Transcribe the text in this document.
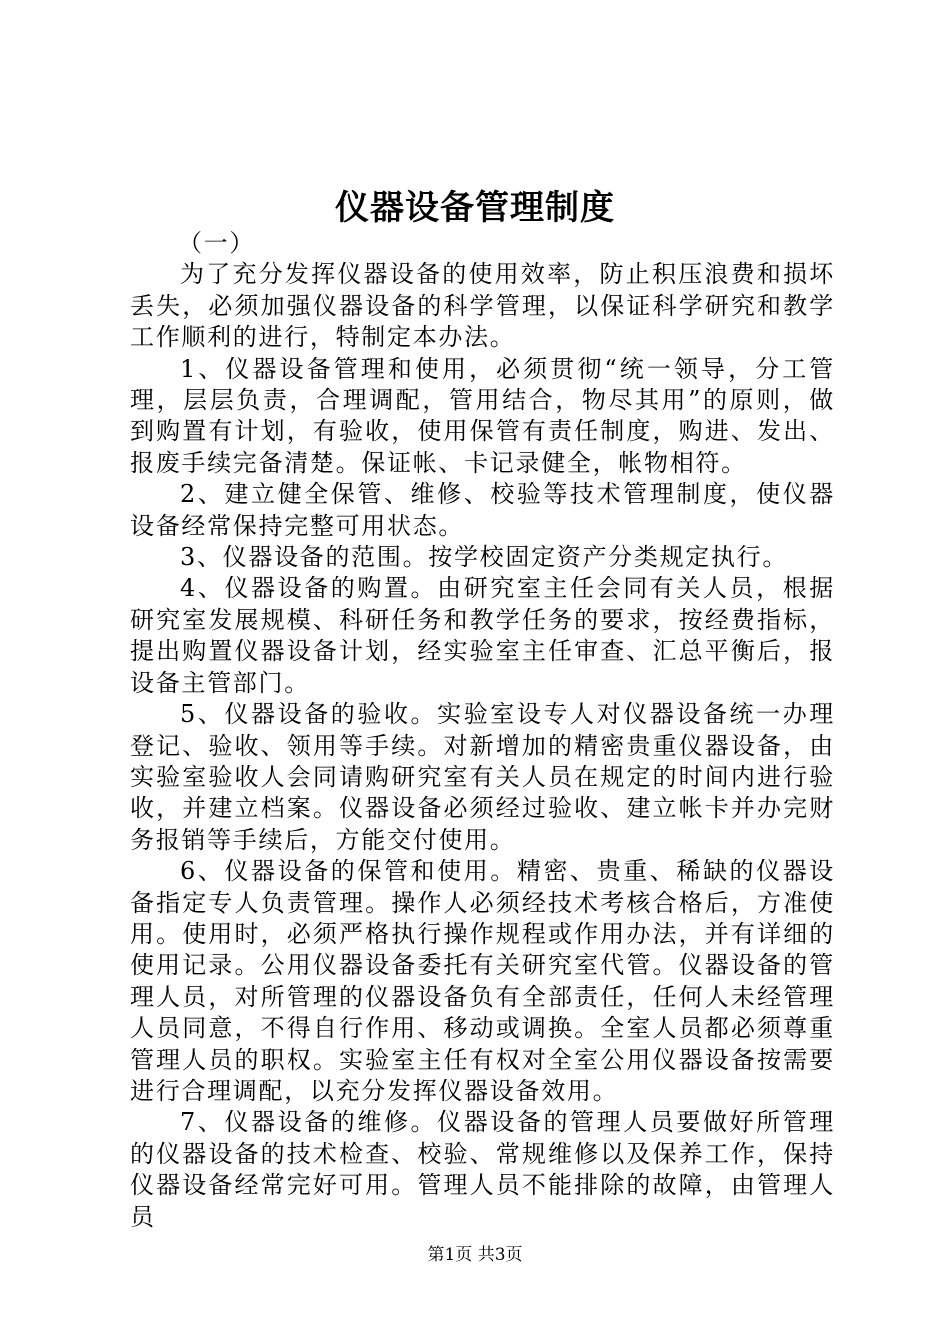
仪器设备管理制度

（一）

为了充分发挥仪器设备的使用效率，防止积压浪费和损坏丢失，必须加强仪器设备的科学管理，以保证科学研究和教学工作顺利的进行，特制定本办法。

1、仪器设备管理和使用，必须贯彻“统一领导，分工管理，层层负责，合理调配，管用结合，物尽其用”的原则，做到购置有计划，有验收，使用保管有责任制度，购进、发出、报废手续完备清楚。保证帐、卡记录健全，帐物相符。

2、建立健全保管、维修、校验等技术管理制度，使仪器设备经常保持完整可用状态。

3、仪器设备的范围。按学校固定资产分类规定执行。

4、仪器设备的购置。由研究室主任会同有关人员，根据研究室发展规模、科研任务和教学任务的要求，按经费指标，提出购置仪器设备计划，经实验室主任审查、汇总平衡后，报设备主管部门。

5、仪器设备的验收。实验室设专人对仪器设备统一办理登记、验收、领用等手续。对新增加的精密贵重仪器设备，由实验室验收人会同请购研究室有关人员在规定的时间内进行验收，并建立档案。仪器设备必须经过验收、建立帐卡并办完财务报销等手续后，方能交付使用。

6、仪器设备的保管和使用。精密、贵重、稀缺的仪器设备指定专人负责管理。操作人必须经技术考核合格后，方准使用。使用时，必须严格执行操作规程或作用办法，并有详细的使用记录。公用仪器设备委托有关研究室代管。仪器设备的管理人员，对所管理的仪器设备负有全部责任，任何人未经管理人员同意，不得自行作用、移动或调换。全室人员都必须尊重管理人员的职权。实验室主任有权对全室公用仪器设备按需要进行合理调配，以充分发挥仪器设备效用。

7、仪器设备的维修。仪器设备的管理人员要做好所管理的仪器设备的技术检查、校验、常规维修以及保养工作，保持仪器设备经常完好可用。管理人员不能排除的故障，由管理人员

第1页 共3页
